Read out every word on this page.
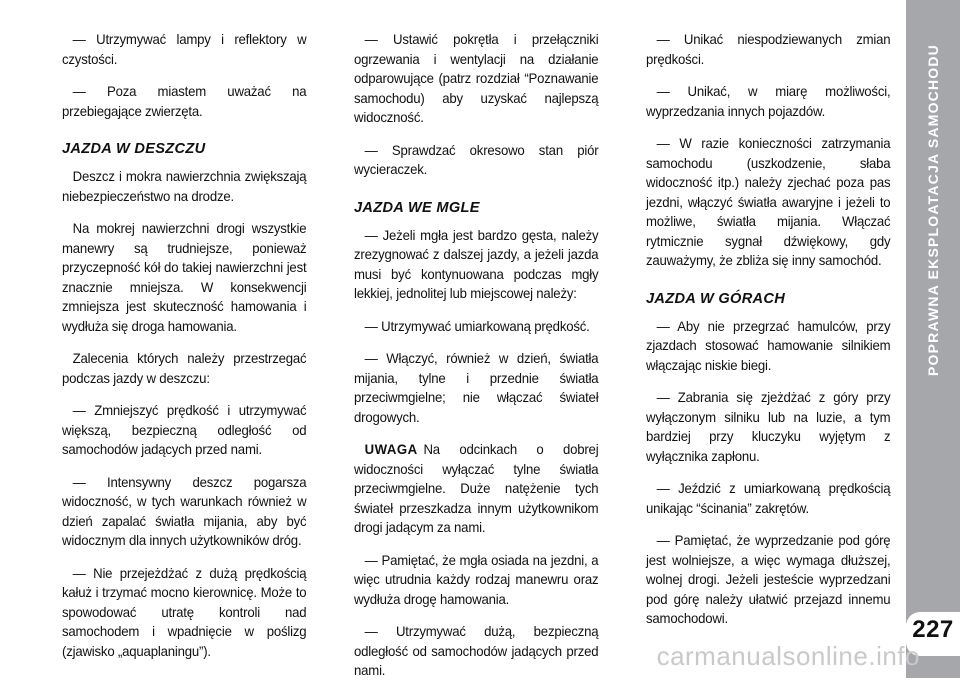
— Utrzymywać lampy i reflektory w czystości.
— Poza miastem uważać na przebiegające zwierzęta.
JAZDA W DESZCZU
Deszcz i mokra nawierzchnia zwiększają niebezpieczeństwo na drodze.
Na mokrej nawierzchni drogi wszystkie manewry są trudniejsze, ponieważ przyczepność kół do takiej nawierzchni jest znacznie mniejsza. W konsekwencji zmniejsza jest skuteczność hamowania i wydłuża się droga hamowania.
Zalecenia których należy przestrzegać podczas jazdy w deszczu:
— Zmniejszyć prędkość i utrzymywać większą, bezpieczną odległość od samochodów jadących przed nami.
— Intensywny deszcz pogarsza widoczność, w tych warunkach również w dzień zapalać światła mijania, aby być widocznym dla innych użytkowników dróg.
— Nie przejeżdżać z dużą prędkością kałuż i trzymać mocno kierownicę. Może to spowodować utratę kontroli nad samochodem i wpadnięcie w poślizg (zjawisko „aquaplaningu”).
— Ustawić pokrętła i przełączniki ogrzewania i wentylacji na działanie odparowujące (patrz rozdział “Poznawanie samochodu) aby uzyskać najlepszą widoczność.
— Sprawdzać okresowo stan piór wycieraczek.
JAZDA WE MGLE
— Jeżeli mgła jest bardzo gęsta, należy zrezygnować z dalszej jazdy, a jeżeli jazda musi być kontynuowana podczas mgły lekkiej, jednolitej lub miejscowej należy:
— Utrzymywać umiarkowaną prędkość.
— Włączyć, również w dzień, światła mijania, tylne i przednie światła przeciwmgielne; nie włączać świateł drogowych.
UWAGA Na odcinkach o dobrej widoczności wyłączać tylne światła przeciwmgielne. Duże natężenie tych świateł przeszkadza innym użytkownikom drogi jadącym za nami.
— Pamiętać, że mgła osiada na jezdni, a więc utrudnia każdy rodzaj manewru oraz wydłuża drogę hamowania.
— Utrzymywać dużą, bezpieczną odległość od samochodów jadących przed nami.
— Unikać niespodziewanych zmian prędkości.
— Unikać, w miarę możliwości, wyprzedzania innych pojazdów.
— W razie konieczności zatrzymania samochodu (uszkodzenie, słaba widoczność itp.) należy zjechać poza pas jezdni, włączyć światła awaryjne i jeżeli to możliwe, światła mijania. Włączać rytmicznie sygnał dźwiękowy, gdy zauważymy, że zbliża się inny samochód.
JAZDA W GÓRACH
— Aby nie przegrzać hamulców, przy zjazdach stosować hamowanie silnikiem włączając niskie biegi.
— Zabrania się zjeżdżać z góry przy wyłączonym silniku lub na luzie, a tym bardziej przy kluczyku wyjętym z wyłącznika zapłonu.
— Jeździć z umiarkowaną prędkością unikając “ścinania” zakrętów.
— Pamiętać, że wyprzedzanie pod górę jest wolniejsze, a więc wymaga dłuższej, wolnej drogi. Jeżeli jesteście wyprzedzani pod górę należy ułatwić przejazd innemu samochodowi.
POPRAWNA EKSPLOATACJA SAMOCHODU
227
carmanualsonline.info
